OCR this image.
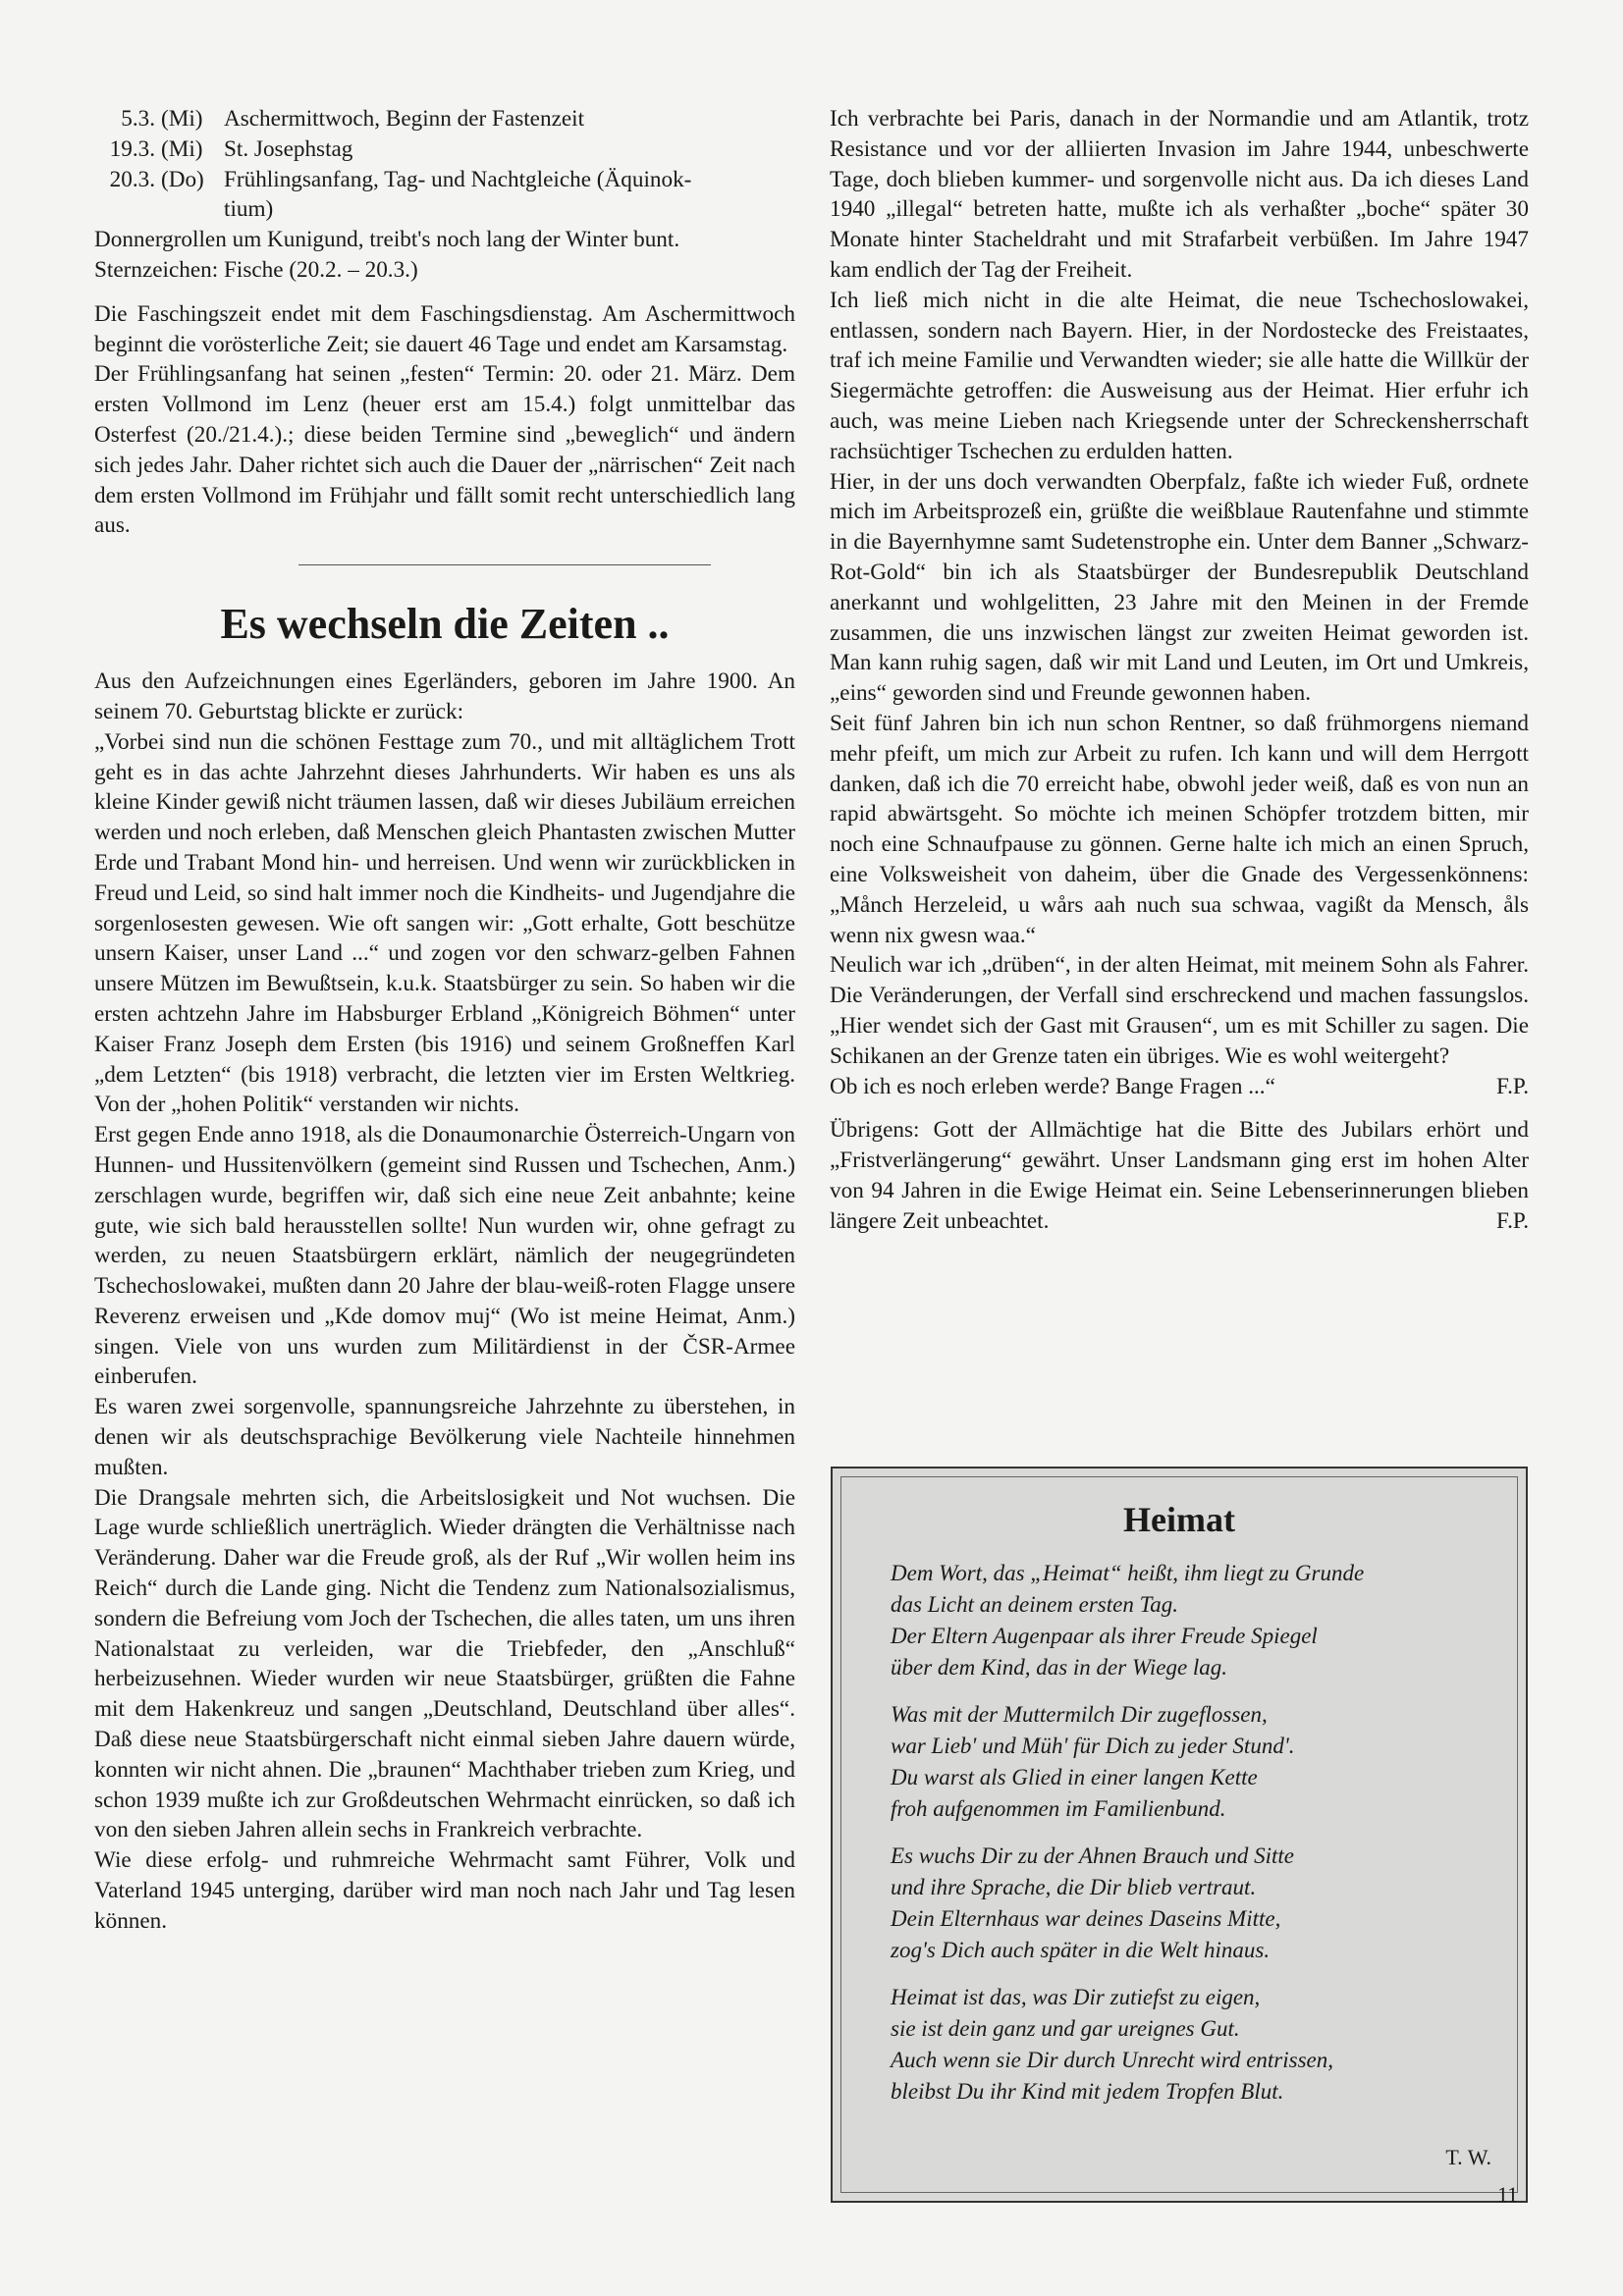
5.3. (Mi) Aschermittwoch, Beginn der Fastenzeit
19.3. (Mi) St. Josephstag
20.3. (Do) Frühlingsanfang, Tag- und Nachtgleiche (Äquinok-
tium)

Donnergrollen um Kunigund, treibt's noch lang der Winter bunt.

Sternzeichen: Fische (20.2. – 20.3.)

Die Faschingszeit endet mit dem Faschingsdienstag. Am Aschermittwoch beginnt die vorösterliche Zeit; sie dauert 46 Tage und endet am Karsamstag.

Der Frühlingsanfang hat seinen „festen“ Termin: 20. oder 21. März. Dem ersten Vollmond im Lenz (heuer erst am 15.4.) folgt unmittelbar das Osterfest (20./21.4.).; diese beiden Termine sind „beweglich“ und ändern sich jedes Jahr. Daher richtet sich auch die Dauer der „närrischen“ Zeit nach dem ersten Vollmond im Frühjahr und fällt somit recht unterschiedlich lang aus.

Es wechseln die Zeiten ..

Aus den Aufzeichnungen eines Egerländers, geboren im Jahre 1900. An seinem 70. Geburtstag blickte er zurück:

„Vorbei sind nun die schönen Festtage zum 70., und mit alltäglichem Trott geht es in das achte Jahrzehnt dieses Jahrhunderts. Wir haben es uns als kleine Kinder gewiß nicht träumen lassen, daß wir dieses Jubiläum erreichen werden und noch erleben, daß Menschen gleich Phantasten zwischen Mutter Erde und Trabant Mond hin- und herreisen. Und wenn wir zurückblicken in Freud und Leid, so sind halt immer noch die Kindheits- und Jugendjahre die sorgenlosesten gewesen. Wie oft sangen wir: „Gott erhalte, Gott beschütze unsern Kaiser, unser Land ...“ und zogen vor den schwarz-gelben Fahnen unsere Mützen im Bewußtsein, k.u.k. Staatsbürger zu sein. So haben wir die ersten achtzehn Jahre im Habsburger Erbland „Königreich Böhmen“ unter Kaiser Franz Joseph dem Ersten (bis 1916) und seinem Großneffen Karl „dem Letzten“ (bis 1918) verbracht, die letzten vier im Ersten Weltkrieg. Von der „hohen Politik“ verstanden wir nichts.

Erst gegen Ende anno 1918, als die Donaumonarchie Österreich-Ungarn von Hunnen- und Hussitenvölkern (gemeint sind Russen und Tschechen, Anm.) zerschlagen wurde, begriffen wir, daß sich eine neue Zeit anbahnte; keine gute, wie sich bald herausstellen sollte! Nun wurden wir, ohne gefragt zu werden, zu neuen Staatsbürgern erklärt, nämlich der neugegründeten Tschechoslowakei, mußten dann 20 Jahre der blau-weiß-roten Flagge unsere Reverenz erweisen und „Kde domov muj“ (Wo ist meine Heimat, Anm.) singen. Viele von uns wurden zum Militärdienst in der ČSR-Armee einberufen.

Es waren zwei sorgenvolle, spannungsreiche Jahrzehnte zu überstehen, in denen wir als deutschsprachige Bevölkerung viele Nachteile hinnehmen mußten.

Die Drangsale mehrten sich, die Arbeitslosigkeit und Not wuchsen. Die Lage wurde schließlich unerträglich. Wieder drängten die Verhältnisse nach Veränderung. Daher war die Freude groß, als der Ruf „Wir wollen heim ins Reich“ durch die Lande ging. Nicht die Tendenz zum Nationalsozialismus, sondern die Befreiung vom Joch der Tschechen, die alles taten, um uns ihren Nationalstaat zu verleiden, war die Triebfeder, den „Anschluß“ herbeizusehnen. Wieder wurden wir neue Staatsbürger, grüßten die Fahne mit dem Hakenkreuz und sangen „Deutschland, Deutschland über alles“. Daß diese neue Staatsbürgerschaft nicht einmal sieben Jahre dauern würde, konnten wir nicht ahnen. Die „braunen“ Machthaber trieben zum Krieg, und schon 1939 mußte ich zur Großdeutschen Wehrmacht einrücken, so daß ich von den sieben Jahren allein sechs in Frankreich verbrachte.

Wie diese erfolg- und ruhmreiche Wehrmacht samt Führer, Volk und Vaterland 1945 unterging, darüber wird man noch nach Jahr und Tag lesen können.

Ich verbrachte bei Paris, danach in der Normandie und am Atlantik, trotz Resistance und vor der alliierten Invasion im Jahre 1944, unbeschwerte Tage, doch blieben kummer- und sorgenvolle nicht aus. Da ich dieses Land 1940 „illegal“ betreten hatte, mußte ich als verhaßter „boche“ später 30 Monate hinter Stacheldraht und mit Strafarbeit verbüßen. Im Jahre 1947 kam endlich der Tag der Freiheit.

Ich ließ mich nicht in die alte Heimat, die neue Tschechoslowakei, entlassen, sondern nach Bayern. Hier, in der Nordostecke des Freistaates, traf ich meine Familie und Verwandten wieder; sie alle hatte die Willkür der Siegermächte getroffen: die Ausweisung aus der Heimat. Hier erfuhr ich auch, was meine Lieben nach Kriegsende unter der Schreckensherrschaft rachsüchtiger Tschechen zu erdulden hatten.

Hier, in der uns doch verwandten Oberpfalz, faßte ich wieder Fuß, ordnete mich im Arbeitsprozeß ein, grüßte die weißblaue Rautenfahne und stimmte in die Bayernhymne samt Sudetenstrophe ein. Unter dem Banner „Schwarz-Rot-Gold“ bin ich als Staatsbürger der Bundesrepublik Deutschland anerkannt und wohlgelitten, 23 Jahre mit den Meinen in der Fremde zusammen, die uns inzwischen längst zur zweiten Heimat geworden ist. Man kann ruhig sagen, daß wir mit Land und Leuten, im Ort und Umkreis, „eins“ geworden sind und Freunde gewonnen haben.

Seit fünf Jahren bin ich nun schon Rentner, so daß frühmorgens niemand mehr pfeift, um mich zur Arbeit zu rufen. Ich kann und will dem Herrgott danken, daß ich die 70 erreicht habe, obwohl jeder weiß, daß es von nun an rapid abwärtsgeht. So möchte ich meinen Schöpfer trotzdem bitten, mir noch eine Schnaufpause zu gönnen. Gerne halte ich mich an einen Spruch, eine Volksweisheit von daheim, über die Gnade des Vergessenkönnens: „Månch Herzeleid, u wårs aah nuch sua schwaa, vagißt da Mensch, åls wenn nix gwesn waa.“

Neulich war ich „drüben“, in der alten Heimat, mit meinem Sohn als Fahrer. Die Veränderungen, der Verfall sind erschreckend und machen fassungslos. „Hier wendet sich der Gast mit Grausen“, um es mit Schiller zu sagen. Die Schikanen an der Grenze taten ein übriges. Wie es wohl weitergeht?

Ob ich es noch erleben werde? Bange Fragen ...“	F.P.

Übrigens: Gott der Allmächtige hat die Bitte des Jubilars erhört und „Fristverlängerung“ gewährt. Unser Landsmann ging erst im hohen Alter von 94 Jahren in die Ewige Heimat ein. Seine Lebenserinnerungen blieben längere Zeit unbeachtet.	F.P.

Heimat
Dem Wort, das „Heimat“ heißt, ihm liegt zu Grunde
das Licht an deinem ersten Tag.
Der Eltern Augenpaar als ihrer Freude Spiegel
über dem Kind, das in der Wiege lag.
Was mit der Muttermilch Dir zugeflossen,
war Lieb' und Müh' für Dich zu jeder Stund'.
Du warst als Glied in einer langen Kette
froh aufgenommen im Familienbund.
Es wuchs Dir zu der Ahnen Brauch und Sitte
und ihre Sprache, die Dir blieb vertraut.
Dein Elternhaus war deines Daseins Mitte,
zog's Dich auch später in die Welt hinaus.
Heimat ist das, was Dir zutiefst zu eigen,
sie ist dein ganz und gar ureignes Gut.
Auch wenn sie Dir durch Unrecht wird entrissen,
bleibst Du ihr Kind mit jedem Tropfen Blut.
T. W.
11
